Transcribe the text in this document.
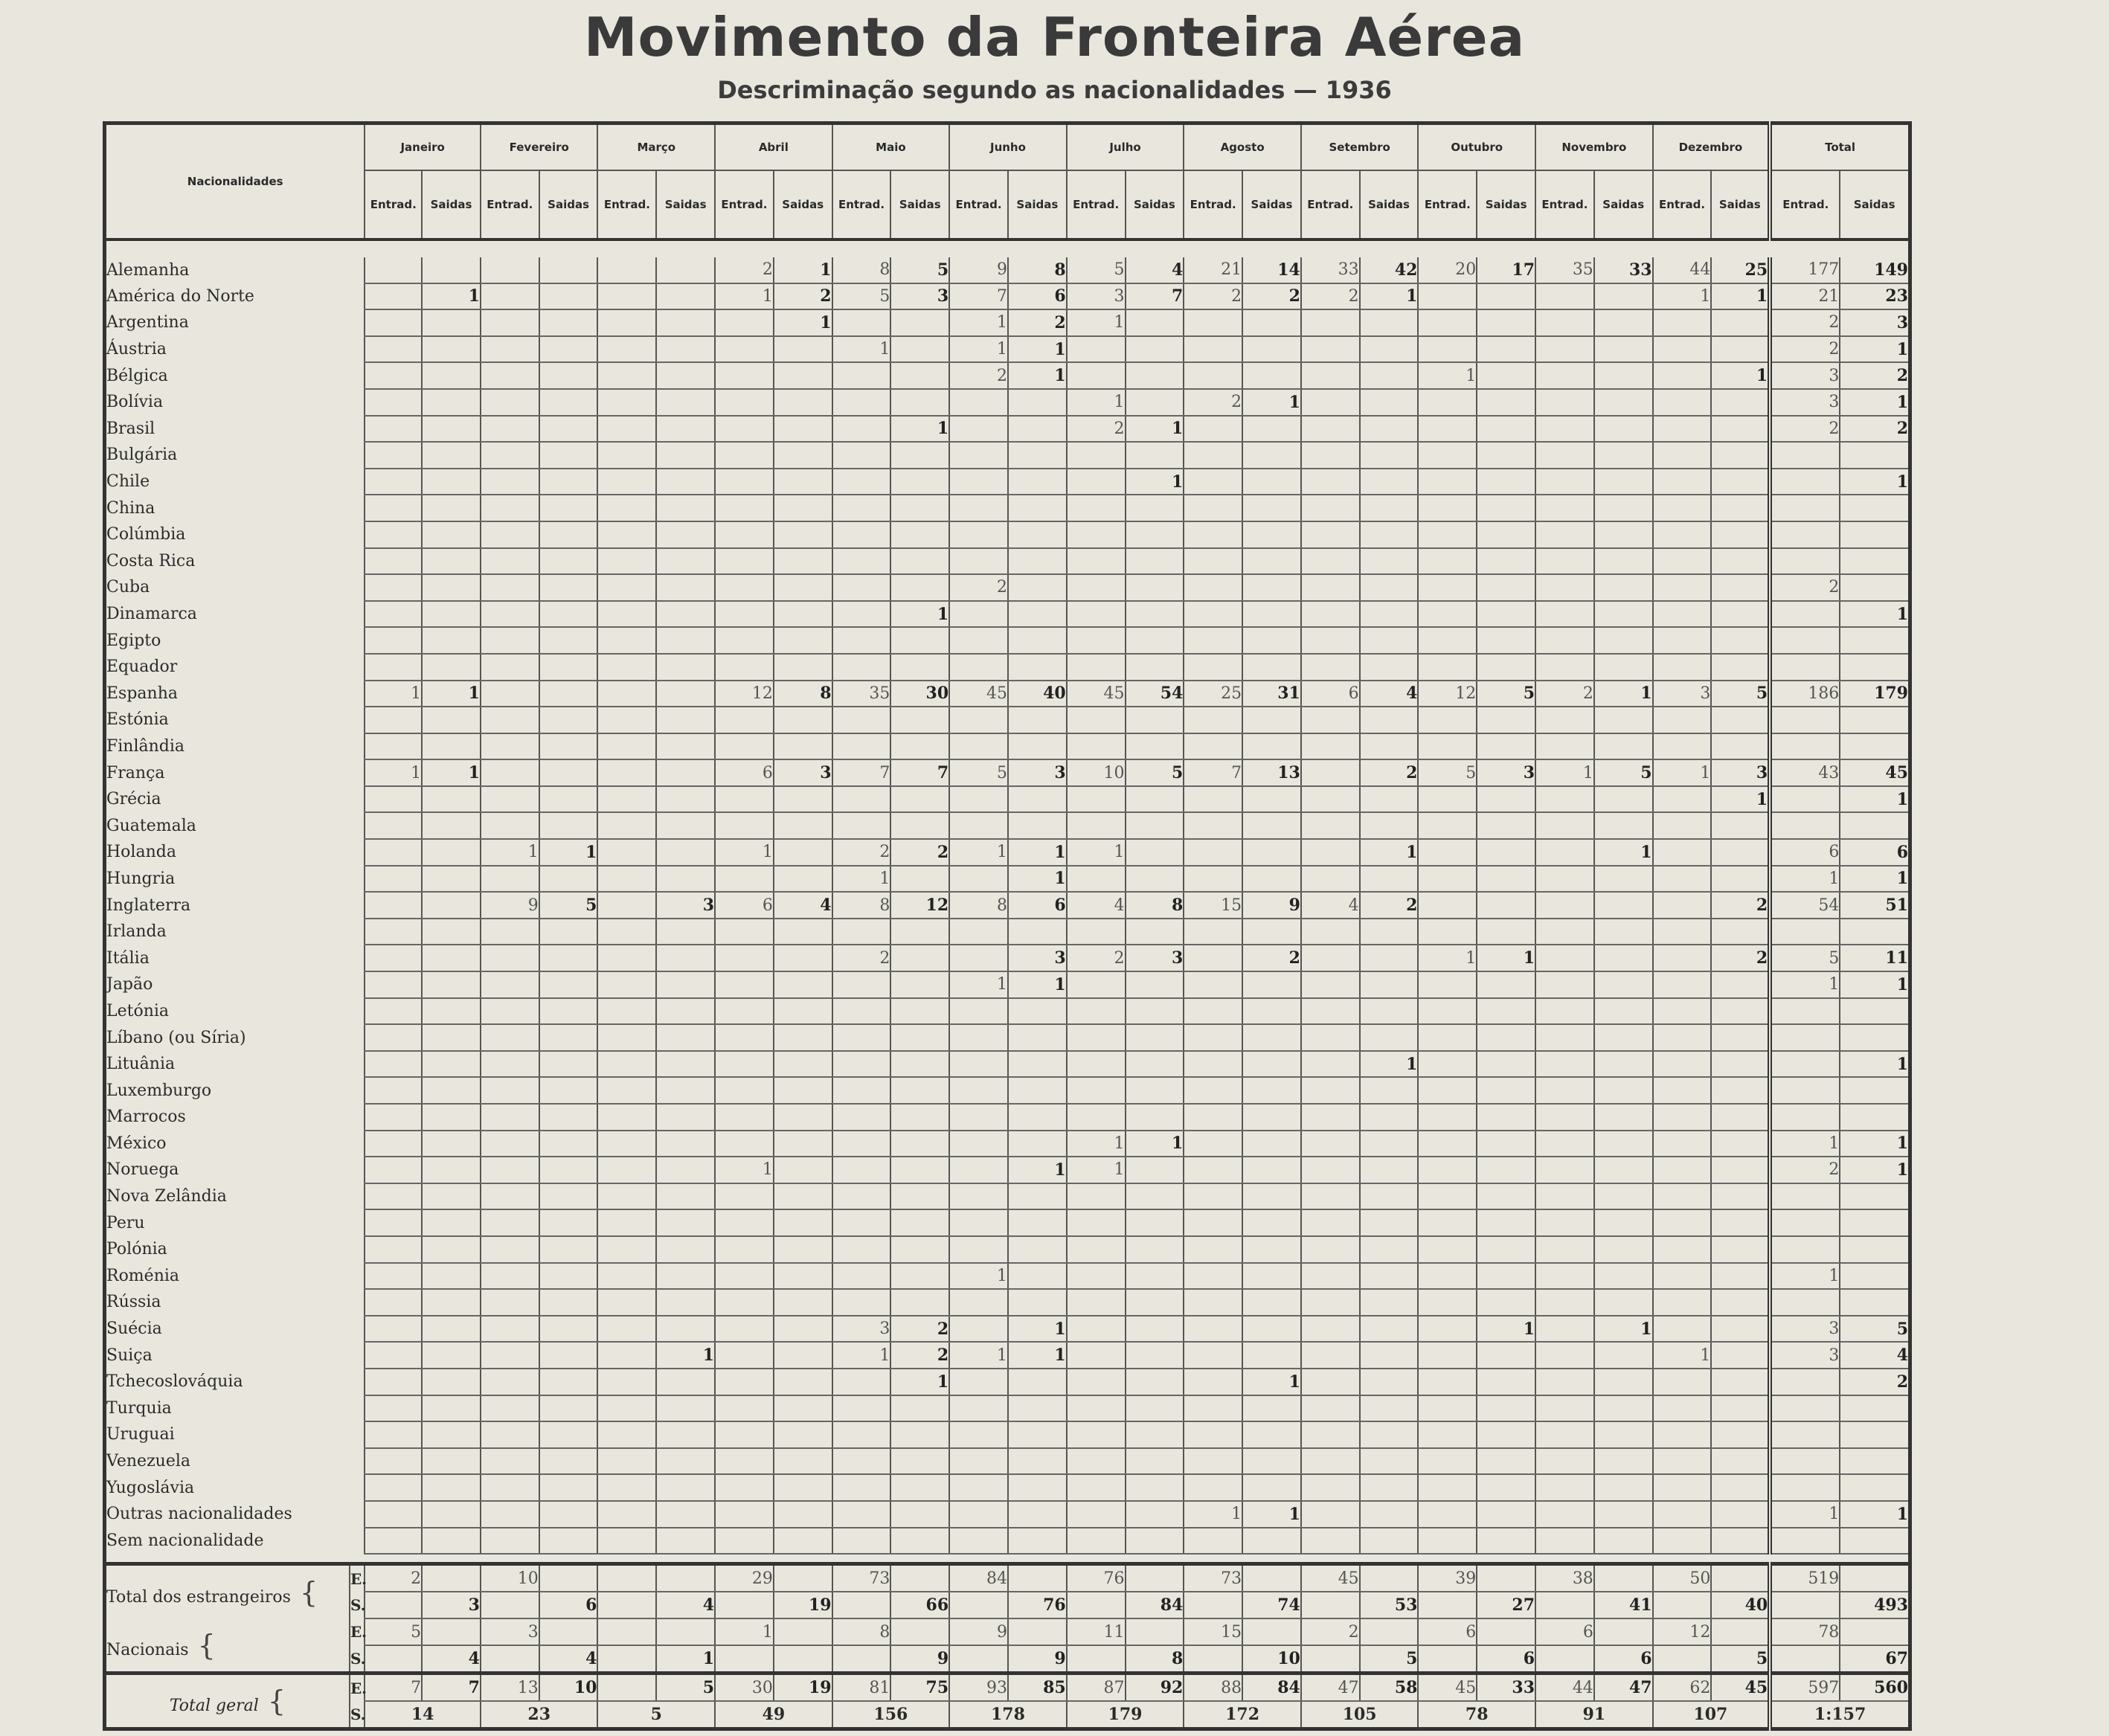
Movimento da Fronteira Aérea
Descriminação segundo as nacionalidades — 1936
Nacionalidades		Janeiro		Fevereiro		Março		Abril		Maio		Junho		Julho		Agosto		Setembro		Outubro		Novembro		Dezembro		Total	
		Entrad.	Saidas	Entrad.	Saidas	Entrad.	Saidas	Entrad.	Saidas	Entrad.	Saidas	Entrad.	Saidas	Entrad.	Saidas	Entrad.	Saidas	Entrad.	Saidas	Entrad.	Saidas	Entrad.	Saidas	Entrad.	Saidas	Entrad.	Saidas

Alemanha								2	1	8	5	9	8	5	4	21	14	33	42	20	17	35	33	44	25	177	149
América do Norte			1					1	2	5	3	7	6	3	7	2	2	2	1					1	1	21	23
Argentina									1			1	2	1												2	3
Áustria										1		1	1													2	1
Bélgica												2	1							1					1	3	2
Bolívia														1		2	1									3	1
Brasil											1			2	1											2	2
Bulgária																											
Chile															1												1
China																											
Colúmbia																											
Costa Rica																											
Cuba												2														2	
Dinamarca											1																1
Egipto																											
Equador																											
Espanha		1	1					12	8	35	30	45	40	45	54	25	31	6	4	12	5	2	1	3	5	186	179
Estónia																											
Finlândia																											
França		1	1					6	3	7	7	5	3	10	5	7	13		2	5	3	1	5	1	3	43	45
Grécia																									1		1
Guatemala																											
Holanda				1	1			1		2	2	1	1	1					1				1			6	6
Hungria										1			1													1	1
Inglaterra				9	5		3	6	4	8	12	8	6	4	8	15	9	4	2						2	54	51
Irlanda																											
Itália										2			3	2	3		2			1	1				2	5	11
Japão												1	1													1	1
Letónia																											
Líbano (ou Síria)																											
Lituânia																			1								1
Luxemburgo																											
Marrocos																											
México														1	1											1	1
Noruega								1					1	1												2	1
Nova Zelândia																											
Peru																											
Polónia																											
Roménia												1														1	
Rússia																											
Suécia										3	2		1								1		1			3	5
Suiça							1			1	2	1	1											1		3	4
Tchecoslováquia											1						1										2
Turquia																											
Uruguai																											
Venezuela																											
Yugoslávia																											
Outras nacionalidades																1	1									1	1
Sem nacionalidade																											

Total dos estrangeiros {	E.	2		10				29		73		84		76		73		45		39		38		50		519	
	S.		3		6		4		19		66		76		84		74		53		27		41		40		493
Nacionais {	E.	5		3				1		8		9		11		15		2		6		6		12		78	
	S.		4		4		1				9		9		8		10		5		6		6		5		67
Total geral {	E.	7	7	13	10		5	30	19	81	75	93	85	87	92	88	84	47	58	45	33	44	47	62	45	597	560
	S.	14		23		5		49		156		178		179		172		105		78		91		107		1:157	
